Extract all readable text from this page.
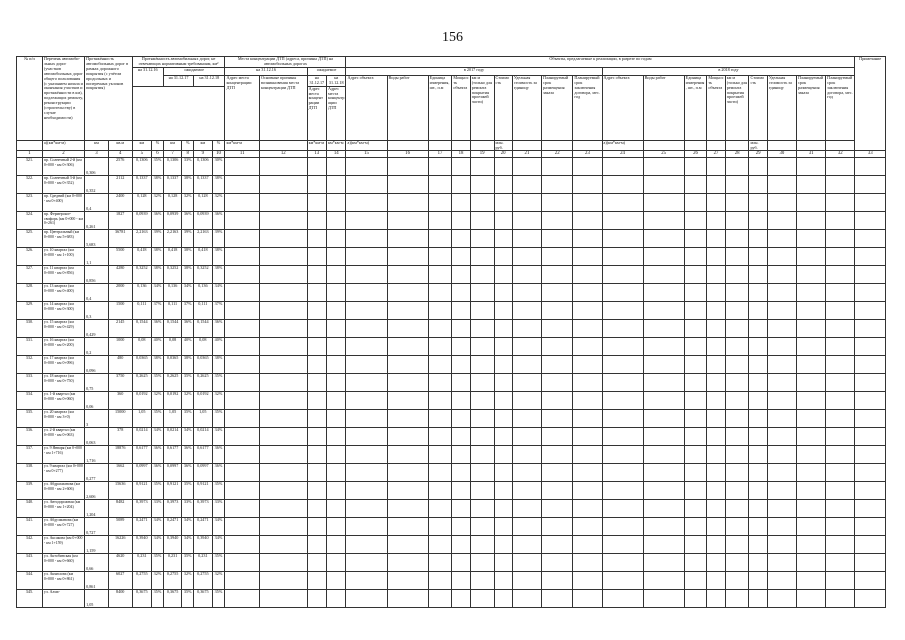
156
№ п/п	Перечень автомоби-льных дорог (участков автомобильных дорог общего пользования (с указанием начала и окончания участков и протяжённости в км), подлежащих ремонту, реконструкции (строительству) в случае необходимости)	Протяжённость автомобильных дорог в рамках дорожного покрытия (с учётом продольных и поперечных уклонов покрытия)		Протяжённость автомобильных дорог, не отвечающих нормативным требованиям, км²						Места концентрации ДТП (адреса, причины ДТП) на автомобильных дорогах				Объекты, предлагаемые к реализации, в разрезе по годам																		Примечание
				на 31.12.16		ожидаемое				на 31.12.16		ожидаемое		в 2017 году									в 2018 году									
						на 31.12.17		на 31.12.18		Адрес места концентрации ДТП	Основные причины возникновения места концентрации ДТП	на 31.12.17	на 31.12.18	Адрес объекта	Виды работ	Единица измерения, шт., п.м	Мощность объекта	км м (только для ремонта покрытия проезжей части)	Стоимость	Удельная стоимость за единицу	Планируемый срок размещения заказа	Планируемый срок заключения договора, мес. год	Адрес объекта	Виды работ	Единица измерения, шт., п.м	Мощность объекта	км м (только для ремонта покрытия проезжей части)	Стоимость	Удельная стоимость за единицу	Планируемый срок размещения заказа	Планируемый срок заключения договора, мес. год	
												Адрес места концентрации ДТП	Адрес места концентрации ДТП																			
	а)(км*км-м)	км	кв.м	км	%	км	%	км	%	км*км-м		км*км-м	км*км-м	а)(км*км-м)					млн. руб.				а)(км*км-м)					млн. руб.				
1	2	3	4	5	6	7	8	9	10	11	12	13	14	15	16	17	18	19	20	21	22	23	24	25	26	27	28	29	30	31	32	33
321.	пр. Солнечный 2-й (км 0+000 - км 0+306)	0,306	2576	0,1306	35%	0,1306	33%	0,1306	30%																							
322.	пр. Солнечный 3-й (км 0+000 - км 0+352)	0,352	2112	0,1337	38%	0,1337	38%	0,1337	38%																							
323.	пр. Средний (км 0+000 - км 0+400)	0,4	2400	0,128	32%	0,128	32%	0,128	32%																							
324.	пр. Фермерское-свифорь (км 0+000 - км 0+261)	0,261	1827	0,0939	36%	0,0939	36%	0,0939	36%																							
325.	пр. Центральный (км 0+000 - км 5+683)	5,683	36781	2,2163	39%	2,2163	39%	2,2163	39%																							
326.	ул. 10 квартал (км 0+000 - км 1+100)	1,1	5500	0,418	38%	0,418	38%	0,418	38%																							
327.	ул. 11 квартал (км 0+000 - км 0+856)	0,856	4280	0,3252	38%	0,3252	38%	0,3252	38%																							
328.	ул. 13 квартал (км 0+000 - км 0+400)	0,4	2000	0,136	34%	0,136	34%	0,136	34%																							
329.	ул. 14 квартал (км 0+000 - км 0+300)	0,3	1500	0,111	37%	0,111	37%	0,111	37%																							
330.	ул. 15 квартал (км 0+000 - км 0+429)	0,429	2145	0,1544	36%	0,1544	36%	0,1544	36%																							
331.	ул. 16 квартал (км 0+000 - км 0+200)	0,2	1000	0,08	40%	0,08	40%	0,08	40%																							
332.	ул. 17 квартал (км 0+000 - км 0+096)	0,096	480	0,0365	38%	0,0365	38%	0,0365	38%																							
333.	ул. 18 квартал (км 0+000 - км 0+750)	0,75	3750	0,2625	35%	0,2625	35%	0,2625	35%																							
334.	ул. 1-й квартал (км 0+000 - км 0+060)	0,06	360	0,0192	32%	0,0192	32%	0,0192	32%																							
335.	ул. 20 квартал (км 0+000 - км 3+0)	3	15000	1,05	35%	1,05	35%	1,05	35%																							
336.	ул. 2-й квартал (км 0+000 - км 0+063)	0,063	378	0,0214	34%	0,0214	34%	0,0214	34%																							
337.	ул. 9 Января (км 0+000 - км 1+716)	1,716	18876	0,6177	36%	0,6177	36%	0,6177	36%																							
338.	ул. 9 квартал (км 0+000 - км 0+277)	0,277	1662	0,0997	36%	0,0997	36%	0,0997	36%																							
339.	ул. Абдрахманова (км 0+000 - км 2+606)	2,606	15636	0,9121	35%	0,9121	35%	0,9121	35%																							
340.	ул. Автодорожная (км 0+000 - км 1+204)	1,204	8482	0,3973	33%	0,3973	33%	0,3973	33%																							
341.	ул. Абдулманова (км 0+000 - км 0+727)	0,727	5089	0,2471	34%	0,2471	34%	0,2471	34%																							
342.	ул. Аксакова (км 0+000 - км 1+159)	1,159	16226	0,3940	34%	0,3940	34%	0,3940	34%																							
343.	ул. Актобинская (км 0+000 - км 0+660)	0,66	4620	0,231	35%	0,231	35%	0,231	35%																							
344.	ул. Акъюлова (км 0+000 - км 0+861)	0,861	6027	0,2755	32%	0,2755	32%	0,2755	32%																							
345.	ул. Алма-	1,05	8400	0,3675	35%	0,3675	35%	0,3675	35%																							
